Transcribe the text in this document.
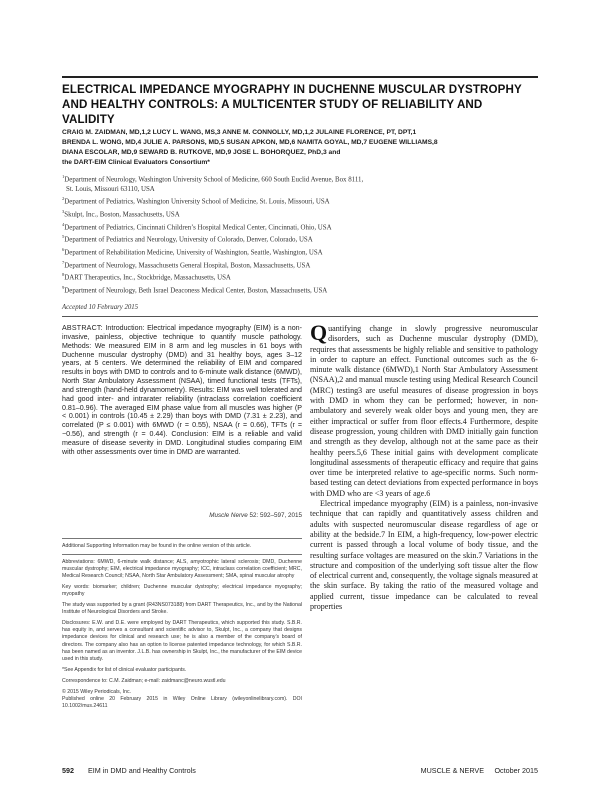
ELECTRICAL IMPEDANCE MYOGRAPHY IN DUCHENNE MUSCULAR DYSTROPHY AND HEALTHY CONTROLS: A MULTICENTER STUDY OF RELIABILITY AND VALIDITY
CRAIG M. ZAIDMAN, MD,1,2 LUCY L. WANG, MS,3 ANNE M. CONNOLLY, MD,1,2 JULAINE FLORENCE, PT, DPT,1
BRENDA L. WONG, MD,4 JULIE A. PARSONS, MD,5 SUSAN APKON, MD,6 NAMITA GOYAL, MD,7 EUGENE WILLIAMS,8
DIANA ESCOLAR, MD,9 SEWARD B. RUTKOVE, MD,9 JOSE L. BOHORQUEZ, PhD,3 and
the DART-EIM Clinical Evaluators Consortium*
$^1$Department of Neurology, Washington University School of Medicine, 660 South Euclid Avenue, Box 8111,
St. Louis, Missouri 63110, USA
$^2$Department of Pediatrics, Washington University School of Medicine, St. Louis, Missouri, USA
$^3$Skulpt, Inc., Boston, Massachusetts, USA
$^4$Department of Pediatrics, Cincinnati Children’s Hospital Medical Center, Cincinnati, Ohio, USA
$^5$Department of Pediatrics and Neurology, University of Colorado, Denver, Colorado, USA
$^6$Department of Rehabilitation Medicine, University of Washington, Seattle, Washington, USA
$^7$Department of Neurology, Massachusetts General Hospital, Boston, Massachusetts, USA
$^8$DART Therapeutics, Inc., Stockbridge, Massachusetts, USA
$^9$Department of Neurology, Beth Israel Deaconess Medical Center, Boston, Massachusetts, USA

Accepted 10 February 2015

ABSTRACT: Introduction: Electrical impedance myography (EIM) is a non-invasive, painless, objective technique to quantify muscle pathology. Methods: We measured EIM in 8 arm and leg muscles in 61 boys with Duchenne muscular dystrophy (DMD) and 31 healthy boys, ages 3–12 years, at 5 centers. We determined the reliability of EIM and compared results in boys with DMD to controls and to 6-minute walk distance (6MWD), North Star Ambulatory Assessment (NSAA), timed functional tests (TFTs), and strength (hand-held dynamometry). Results: EIM was well tolerated and had good inter- and intrarater reliability (intraclass correlation coefficient 0.81–0.96). The averaged EIM phase value from all muscles was higher (P < 0.001) in controls (10.45 ± 2.29) than boys with DMD (7.31 ± 2.23), and correlated (P ≤ 0.001) with 6MWD (r = 0.55), NSAA (r = 0.66), TFTs (r = −0.56), and strength (r = 0.44). Conclusion: EIM is a reliable and valid measure of disease severity in DMD. Longitudinal studies comparing EIM with other assessments over time in DMD are warranted.

Muscle Nerve 52: 592–597, 2015

Additional Supporting Information may be found in the online version of this article.

Abbreviations: 6MWD, 6-minute walk distance; ALS, amyotrophic lateral sclerosis; DMD, Duchenne muscular dystrophy; EIM, electrical impedance myography; ICC, intraclass correlation coefficient; MRC, Medical Research Council; NSAA, North Star Ambulatory Assessment; SMA, spinal muscular atrophy

Key words: biomarker; children; Duchenne muscular dystrophy; electrical impedance myography; myopathy

The study was supported by a grant (R43NS073188) from DART Therapeutics, Inc., and by the National Institute of Neurological Disorders and Stroke.

Disclosures: E.W. and D.E. were employed by DART Therapeutics, which supported this study. S.B.R. has equity in, and serves a consultant and scientific advisor to, Skulpt, Inc., a company that designs impedance devices for clinical and research use; he is also a member of the company’s board of directors. The company also has an option to license patented impedance technology, for which S.B.R. has been named as an inventor. J.L.B. has ownership in Skulpt, Inc., the manufacturer of the EIM device used in this study.

*See Appendix for list of clinical evaluator participants.

Correspondence to: C.M. Zaidman; e-mail: zaidmanc@neuro.wustl.edu

© 2015 Wiley Periodicals, Inc.

Published online 20 February 2015 in Wiley Online Library (wileyonlinelibrary.com). DOI 10.1002/mus.24611

Quantifying change in slowly progressive neuromuscular disorders, such as Duchenne muscular dystrophy (DMD), requires that assessments be highly reliable and sensitive to pathology in order to capture an effect. Functional outcomes such as the 6-minute walk distance (6MWD),1 North Star Ambulatory Assessment (NSAA),2 and manual muscle testing using Medical Research Council (MRC) testing3 are useful measures of disease progression in boys with DMD in whom they can be performed; however, in non-ambulatory and severely weak older boys and young men, they are either impractical or suffer from floor effects.4 Furthermore, despite disease progression, young children with DMD initially gain function and strength as they develop, although not at the same pace as their healthy peers.5,6 These initial gains with development complicate longitudinal assessments of therapeutic efficacy and require that gains over time be interpreted relative to age-specific norms. Such norm-based testing can detect deviations from expected performance in boys with DMD who are <3 years of age.6

Electrical impedance myography (EIM) is a painless, non-invasive technique that can rapidly and quantitatively assess children and adults with suspected neuromuscular disease regardless of age or ability at the bedside.7 In EIM, a high-frequency, low-power electric current is passed through a local volume of body tissue, and the resulting surface voltages are measured on the skin.7 Variations in the structure and composition of the underlying soft tissue alter the flow of electrical current and, consequently, the voltage signals measured at the skin surface. By taking the ratio of the measured voltage and applied current, tissue impedance can be calculated to reveal properties

592 EIM in DMD and Healthy Controls	MUSCLE & NERVE October 2015
